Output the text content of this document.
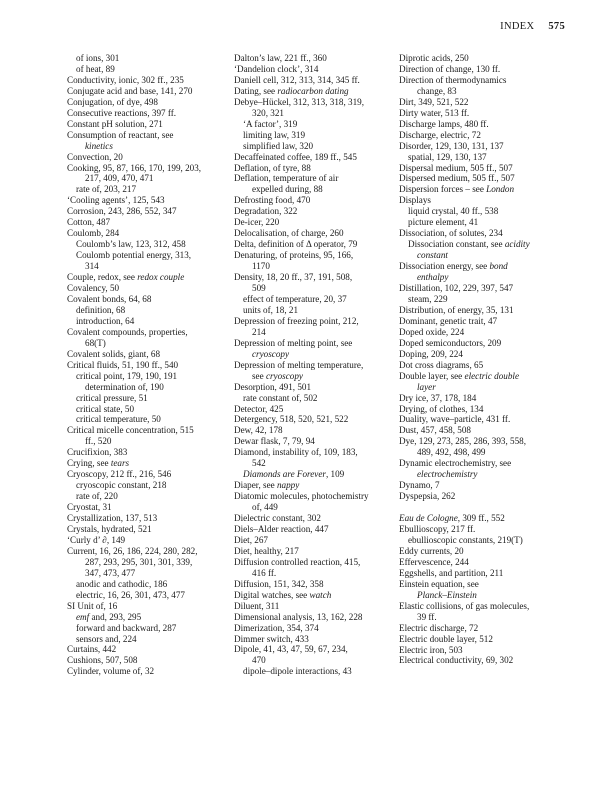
INDEX 575
of ions, 301
of heat, 89
Conductivity, ionic, 302 ff., 235
Conjugate acid and base, 141, 270
Conjugation, of dye, 498
Consecutive reactions, 397 ff.
Constant pH solution, 271
Consumption of reactant, see
kinetics
Convection, 20
Cooking, 95, 87, 166, 170, 199, 203,
217, 409, 470, 471
rate of, 203, 217
‘Cooling agents’, 125, 543
Corrosion, 243, 286, 552, 347
Cotton, 487
Coulomb, 284
Coulomb’s law, 123, 312, 458
Coulomb potential energy, 313,
314
Couple, redox, see redox couple
Covalency, 50
Covalent bonds, 64, 68
definition, 68
introduction, 64
Covalent compounds, properties,
68(T)
Covalent solids, giant, 68
Critical fluids, 51, 190 ff., 540
critical point, 179, 190, 191
determination of, 190
critical pressure, 51
critical state, 50
critical temperature, 50
Critical micelle concentration, 515
ff., 520
Crucifixion, 383
Crying, see tears
Cryoscopy, 212 ff., 216, 546
cryoscopic constant, 218
rate of, 220
Cryostat, 31
Crystallization, 137, 513
Crystals, hydrated, 521
‘Curly d’ ∂, 149
Current, 16, 26, 186, 224, 280, 282,
287, 293, 295, 301, 301, 339,
347, 473, 477
anodic and cathodic, 186
electric, 16, 26, 301, 473, 477
SI Unit of, 16
emf and, 293, 295
forward and backward, 287
sensors and, 224
Curtains, 442
Cushions, 507, 508
Cylinder, volume of, 32
Dalton’s law, 221 ff., 360
‘Dandelion clock’, 314
Daniell cell, 312, 313, 314, 345 ff.
Dating, see radiocarbon dating
Debye–Hückel, 312, 313, 318, 319,
320, 321
‘A factor’, 319
limiting law, 319
simplified law, 320
Decaffeinated coffee, 189 ff., 545
Deflation, of tyre, 88
Deflation, temperature of air
expelled during, 88
Defrosting food, 470
Degradation, 322
De-icer, 220
Delocalisation, of charge, 260
Delta, definition of Δ operator, 79
Denaturing, of proteins, 95, 166,
1170
Density, 18, 20 ff., 37, 191, 508,
509
effect of temperature, 20, 37
units of, 18, 21
Depression of freezing point, 212,
214
Depression of melting point, see
cryoscopy
Depression of melting temperature,
see cryoscopy
Desorption, 491, 501
rate constant of, 502
Detector, 425
Detergency, 518, 520, 521, 522
Dew, 42, 178
Dewar flask, 7, 79, 94
Diamond, instability of, 109, 183,
542
Diamonds are Forever, 109
Diaper, see nappy
Diatomic molecules, photochemistry
of, 449
Dielectric constant, 302
Diels–Alder reaction, 447
Diet, 267
Diet, healthy, 217
Diffusion controlled reaction, 415,
416 ff.
Diffusion, 151, 342, 358
Digital watches, see watch
Diluent, 311
Dimensional analysis, 13, 162, 228
Dimerization, 354, 374
Dimmer switch, 433
Dipole, 41, 43, 47, 59, 67, 234,
470
dipole–dipole interactions, 43
Diprotic acids, 250
Direction of change, 130 ff.
Direction of thermodynamics
change, 83
Dirt, 349, 521, 522
Dirty water, 513 ff.
Discharge lamps, 480 ff.
Discharge, electric, 72
Disorder, 129, 130, 131, 137
spatial, 129, 130, 137
Dispersal medium, 505 ff., 507
Dispersed medium, 505 ff., 507
Dispersion forces – see London
Displays
liquid crystal, 40 ff., 538
picture element, 41
Dissociation, of solutes, 234
Dissociation constant, see acidity
constant
Dissociation energy, see bond
enthalpy
Distillation, 102, 229, 397, 547
steam, 229
Distribution, of energy, 35, 131
Dominant, genetic trait, 47
Doped oxide, 224
Doped semiconductors, 209
Doping, 209, 224
Dot cross diagrams, 65
Double layer, see electric double
layer
Dry ice, 37, 178, 184
Drying, of clothes, 134
Duality, wave–particle, 431 ff.
Dust, 457, 458, 508
Dye, 129, 273, 285, 286, 393, 558,
489, 492, 498, 499
Dynamic electrochemistry, see
electrochemistry
Dynamo, 7
Dyspepsia, 262
Eau de Cologne, 309 ff., 552
Ebullioscopy, 217 ff.
ebullioscopic constants, 219(T)
Eddy currents, 20
Effervescence, 244
Eggshells, and partition, 211
Einstein equation, see
Planck–Einstein
Elastic collisions, of gas molecules,
39 ff.
Electric discharge, 72
Electric double layer, 512
Electric iron, 503
Electrical conductivity, 69, 302
